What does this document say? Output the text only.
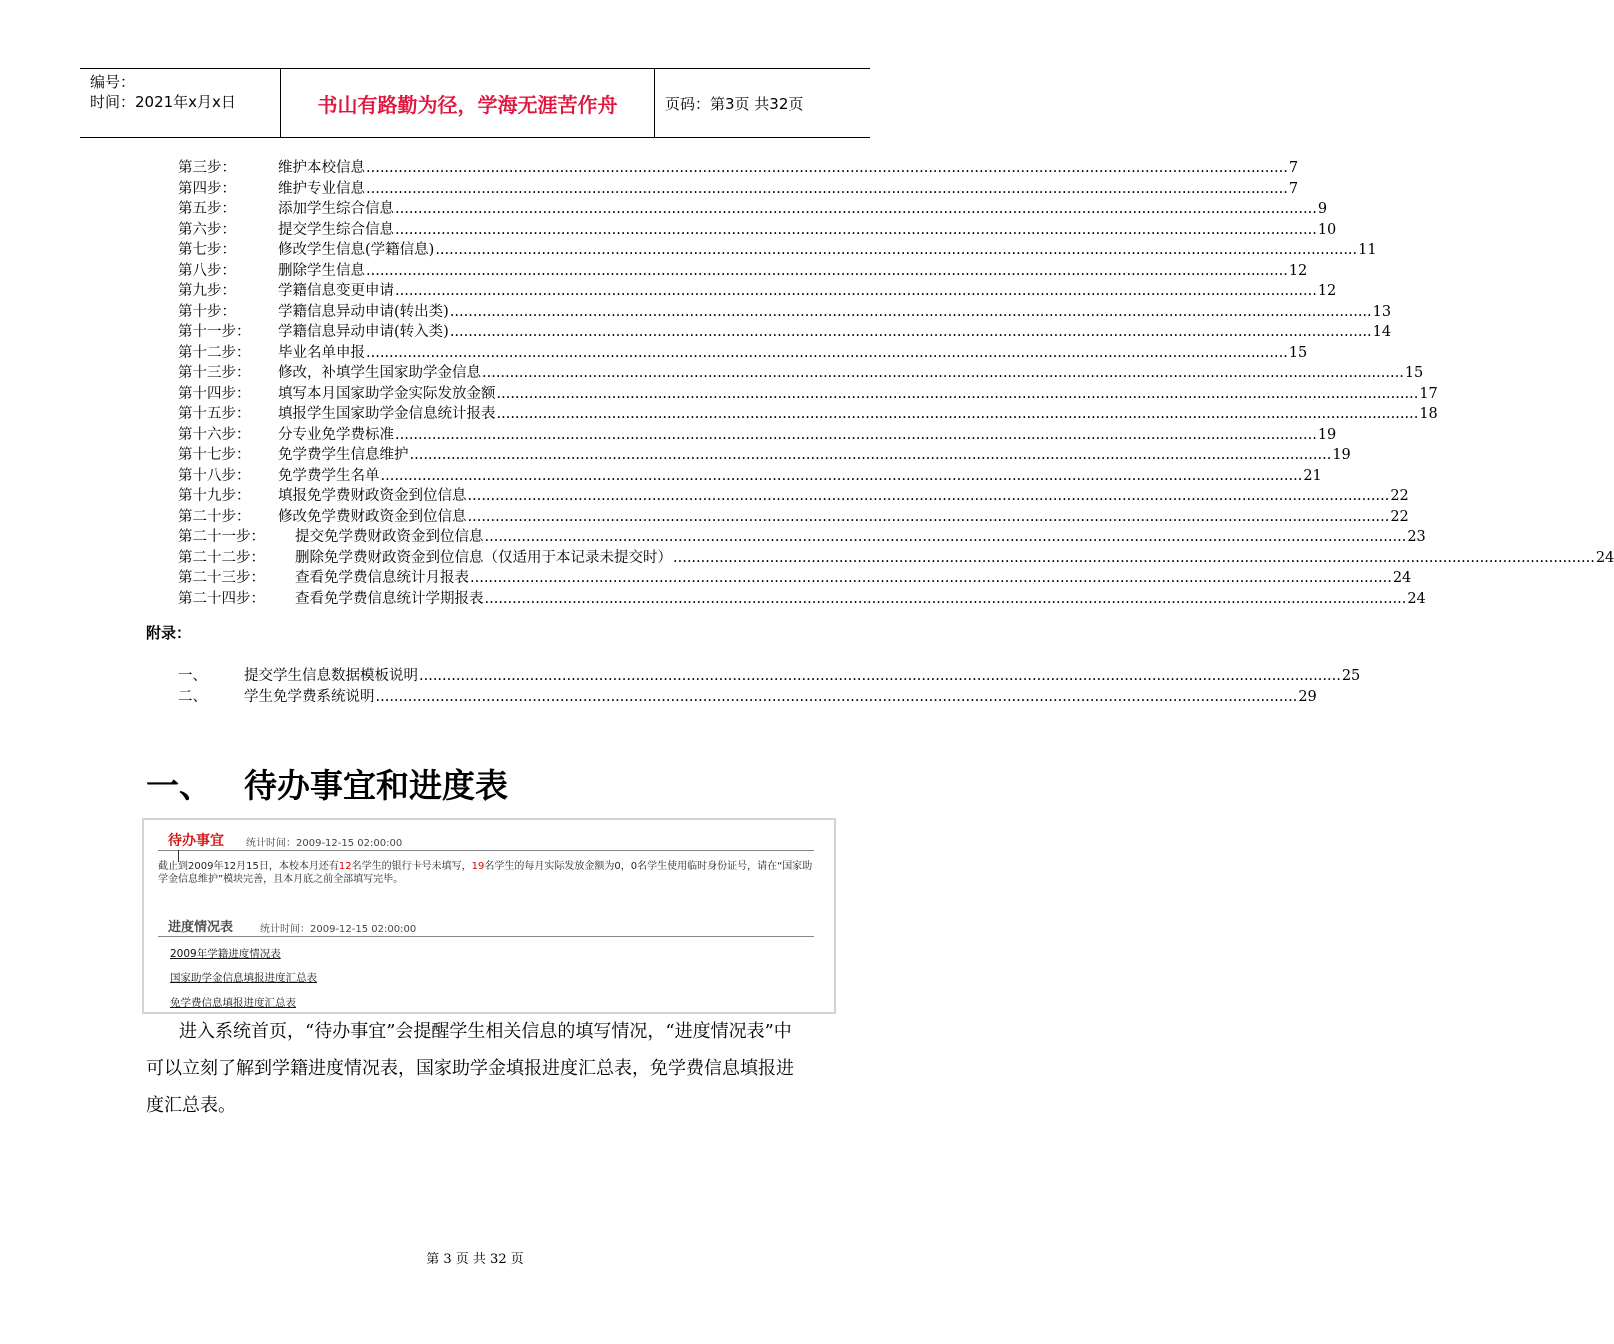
编号：
时间：2021年x月x日	书山有路勤为径，学海无涯苦作舟	页码：第3页 共32页
第三步：	维护本校信息 ........................................................................................................................................................................................................ 7
第四步：	维护专业信息 ........................................................................................................................................................................................................ 7
第五步：	添加学生综合信息 ........................................................................................................................................................................................................ 9
第六步：	提交学生综合信息 ........................................................................................................................................................................................................ 10
第七步：	修改学生信息(学籍信息) ........................................................................................................................................................................................................ 11
第八步：	删除学生信息 ........................................................................................................................................................................................................ 12
第九步：	学籍信息变更申请 ........................................................................................................................................................................................................ 12
第十步：	学籍信息异动申请(转出类) ........................................................................................................................................................................................................ 13
第十一步： 学籍信息异动申请(转入类) ........................................................................................................................................................................................................ 14
第十二步： 毕业名单申报 ........................................................................................................................................................................................................ 15
第十三步： 修改，补填学生国家助学金信息 ........................................................................................................................................................................................................ 15
第十四步： 填写本月国家助学金实际发放金额 ........................................................................................................................................................................................................ 17
第十五步： 填报学生国家助学金信息统计报表 ........................................................................................................................................................................................................ 18
第十六步： 分专业免学费标准 ........................................................................................................................................................................................................ 19
第十七步： 免学费学生信息维护 ........................................................................................................................................................................................................ 19
第十八步： 免学费学生名单 ........................................................................................................................................................................................................ 21
第十九步： 填报免学费财政资金到位信息 ........................................................................................................................................................................................................ 22
第二十步： 修改免学费财政资金到位信息 ........................................................................................................................................................................................................ 22
第二十一步： 提交免学费财政资金到位信息 ........................................................................................................................................................................................................ 23
第二十二步： 删除免学费财政资金到位信息（仅适用于本记录未提交时） ........................................................................................................................................................................................................ 24
第二十三步： 查看免学费信息统计月报表 ........................................................................................................................................................................................................ 24
第二十四步： 查看免学费信息统计学期报表 ........................................................................................................................................................................................................ 24
附录：
一、	提交学生信息数据模板说明 ........................................................................................................................................................................................................ 25
二、	学生免学费系统说明 ........................................................................................................................................................................................................ 29
一、 待办事宜和进度表
待办事宜 统计时间：2009-12-15 02:00:00
截止到2009年12月15日，本校本月还有12名学生的银行卡号未填写，19名学生的每月实际发放金额为0，0名学生使用临时身份证号，请在“国家助学金信息维护”模块完善，且本月底之前全部填写完毕。
进度情况表	统计时间：2009-12-15 02:00:00
2009年学籍进度情况表
国家助学金信息填报进度汇总表
免学费信息填报进度汇总表
进入系统首页，“待办事宜”会提醒学生相关信息的填写情况，“进度情况表”中可以立刻了解到学籍进度情况表，国家助学金填报进度汇总表，免学费信息填报进度汇总表。
第 3 页 共 32 页
